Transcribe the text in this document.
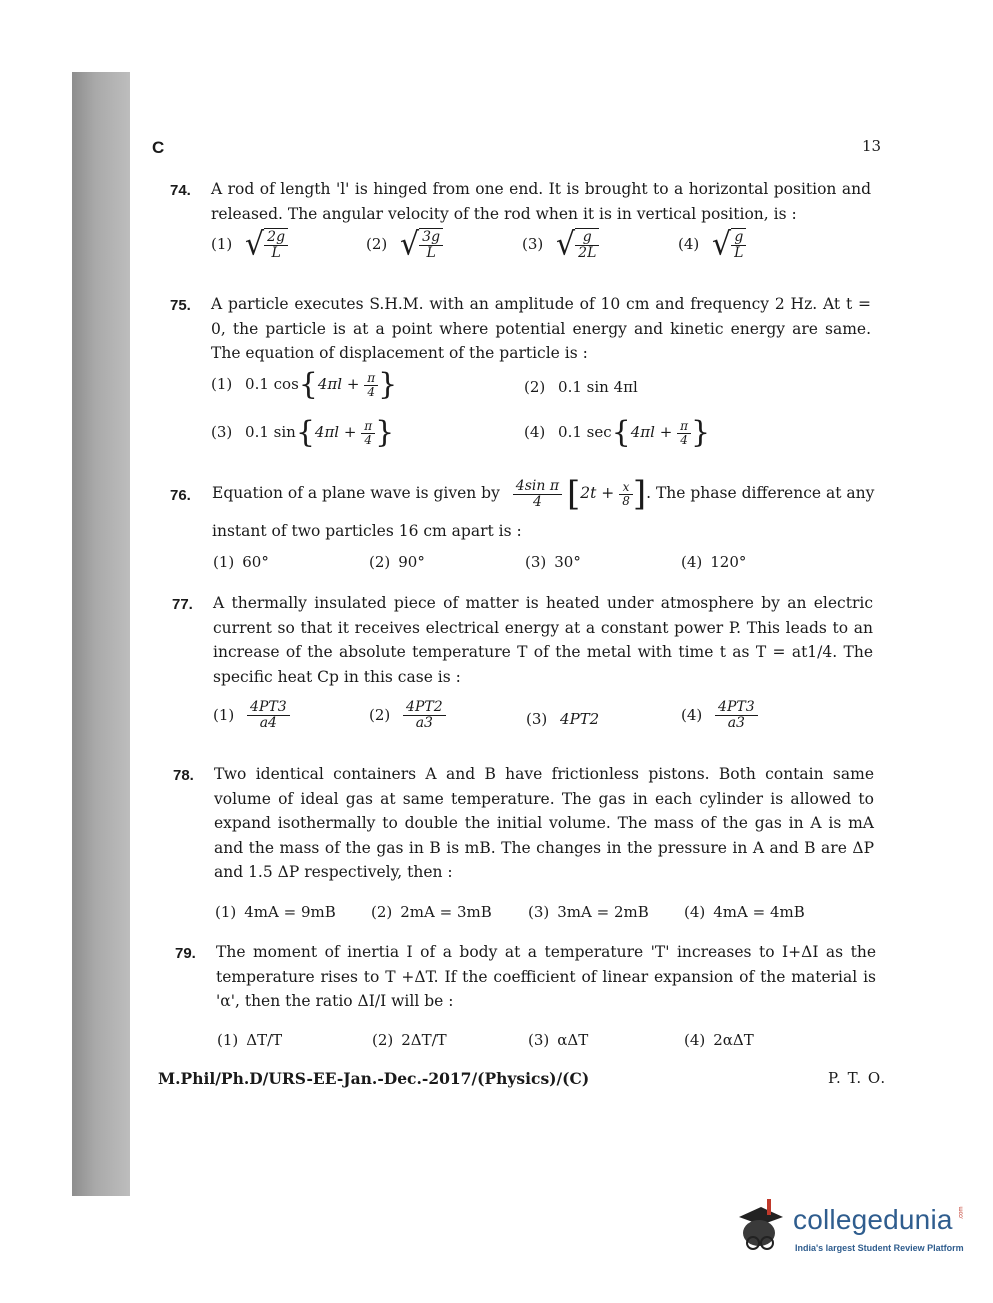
C	13
74. A rod of length 'l' is hinged from one end. It is brought to a horizontal position and released. The angular velocity of the rod when it is in vertical position, is :
(1) √ $\frac{2g}{L}$	(2) √ $\frac{3g}{L}$	(3) √ $\frac{g}{2L}$	(4) √ $\frac{g}{L}$
75. A particle executes S.H.M. with an amplitude of 10 cm and frequency 2 Hz. At t = 0, the particle is at a point where potential energy and kinetic energy are same. The equation of displacement of the particle is :
(1) 0.1 $\cos\{4\pi l + \frac{\pi}{4}$ }	(2) 0.1 sin 4πl
(3) 0.1 $\sin\{4\pi l + \frac{\pi}{4}$ }	(4) 0.1 $\sec\{4\pi l + \frac{\pi}{4}$ }
76. Equation of a plane wave is given by $\frac{\text{4sin π}}{4} [2t + \frac{x}{8}$ ]. The phase difference at any
instant of two particles 16 cm apart is :
(1) 60°	(2) 90°	(3) 30°	(4) 120°
77. A thermally insulated piece of matter is heated under atmosphere by an electric current so that it receives electrical energy at a constant power P. This leads to an increase of the absolute temperature T of the metal with time t as T = at1/4. The specific heat Cp in this case is :
$(1) \frac{4PT3}{a4}$	$(2) \frac{4PT2}{a3}$	(3) 4PT2	$(4) \frac{4PT3}{a3}$
78. Two identical containers A and B have frictionless pistons. Both contain same volume of ideal gas at same temperature. The gas in each cylinder is allowed to expand isothermally to double the initial volume. The mass of the gas in A is mA and the mass of the gas in B is mB. The changes in the pressure in A and B are ΔP and 1.5 ΔP respectively, then :
(1) 4mA = 9mB (2) 2mA = 3mB (3) 3mA = 2mB (4) 4mA = 4mB
79. The moment of inertia I of a body at a temperature 'T' increases to I+ΔI as the temperature rises to T +ΔT. If the coefficient of linear expansion of the material is 'α', then the ratio ΔI/I will be :
(1) ΔT/T	(2) 2ΔT/T	(3) αΔT	(4) 2αΔT
M.Phil/Ph.D/URS-EE-Jan.-Dec.-2017/(Physics)/(C)	P. T. O.
collegedunia
India's largest Student Review Platform
.com
